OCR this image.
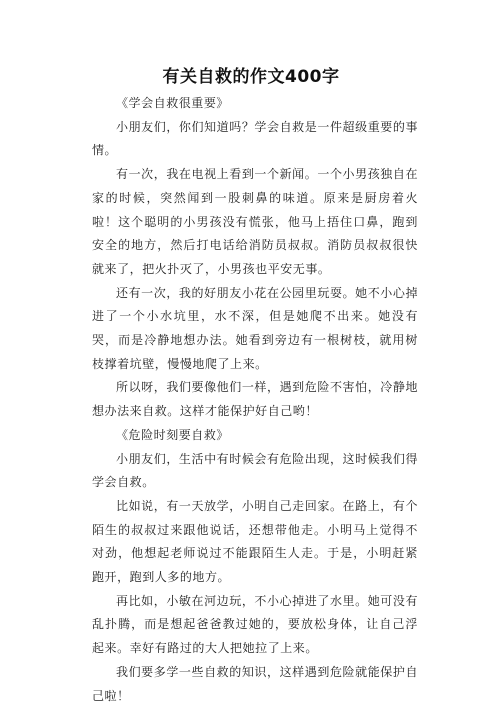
有关自救的作文400字

《学会自救很重要》

小朋友们，你们知道吗？学会自救是一件超级重要的事情。

有一次，我在电视上看到一个新闻。一个小男孩独自在家的时候，突然闻到一股刺鼻的味道。原来是厨房着火啦！这个聪明的小男孩没有慌张，他马上捂住口鼻，跑到安全的地方，然后打电话给消防员叔叔。消防员叔叔很快就来了，把火扑灭了，小男孩也平安无事。

还有一次，我的好朋友小花在公园里玩耍。她不小心掉进了一个小水坑里，水不深，但是她爬不出来。她没有哭，而是冷静地想办法。她看到旁边有一根树枝，就用树枝撑着坑壁，慢慢地爬了上来。

所以呀，我们要像他们一样，遇到危险不害怕，冷静地想办法来自救。这样才能保护好自己哟！

《危险时刻要自救》

小朋友们，生活中有时候会有危险出现，这时候我们得学会自救。

比如说，有一天放学，小明自己走回家。在路上，有个陌生的叔叔过来跟他说话，还想带他走。小明马上觉得不对劲，他想起老师说过不能跟陌生人走。于是，小明赶紧跑开，跑到人多的地方。

再比如，小敏在河边玩，不小心掉进了水里。她可没有乱扑腾，而是想起爸爸教过她的，要放松身体，让自己浮起来。幸好有路过的大人把她拉了上来。

我们要多学一些自救的知识，这样遇到危险就能保护自己啦！
